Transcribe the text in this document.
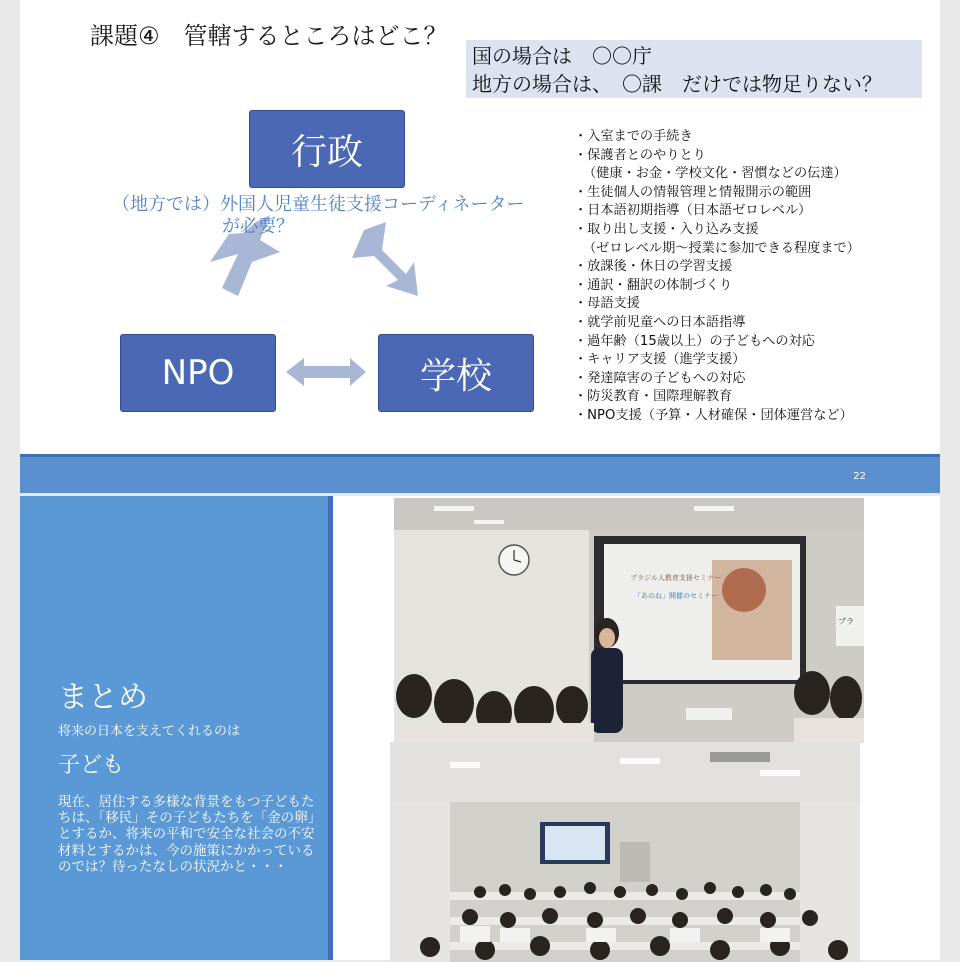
課題④　管轄するところはどこ？
国の場合は　〇〇庁
地方の場合は、　〇課　だけでは物足りない？
行政
NPO	学校
（地方では）外国人児童生徒支援コーディネーター
が必要？
・入室までの手続き
・保護者とのやりとり
（健康・お金・学校文化・習慣などの伝達）
・生徒個人の情報管理と情報開示の範囲
・日本語初期指導（日本語ゼロレベル）
・取り出し支援・入り込み支援
（ゼロレベル期～授業に参加できる程度まで）
・放課後・休日の学習支援
・通訳・翻訳の体制づくり
・母語支援
・就学前児童への日本語指導
・過年齢（15歳以上）の子どもへの対応
・キャリア支援（進学支援）
・発達障害の子どもへの対応
・防災教育・国際理解教育
・NPO支援（予算・人材確保・団体運営など）
22
まとめ
将来の日本を支えてくれるのは
子ども
現在、居住する多様な背景をもつ子どもたちは、「移民」その子どもたちを「金の卵」とするか、将来の平和で安全な社会の不安材料とするかは、今の施策にかかっているのでは？待ったなしの状況かと・・・
ブラジル人教育支援セミナー
「あのね」開催のセミナー
ブラ
